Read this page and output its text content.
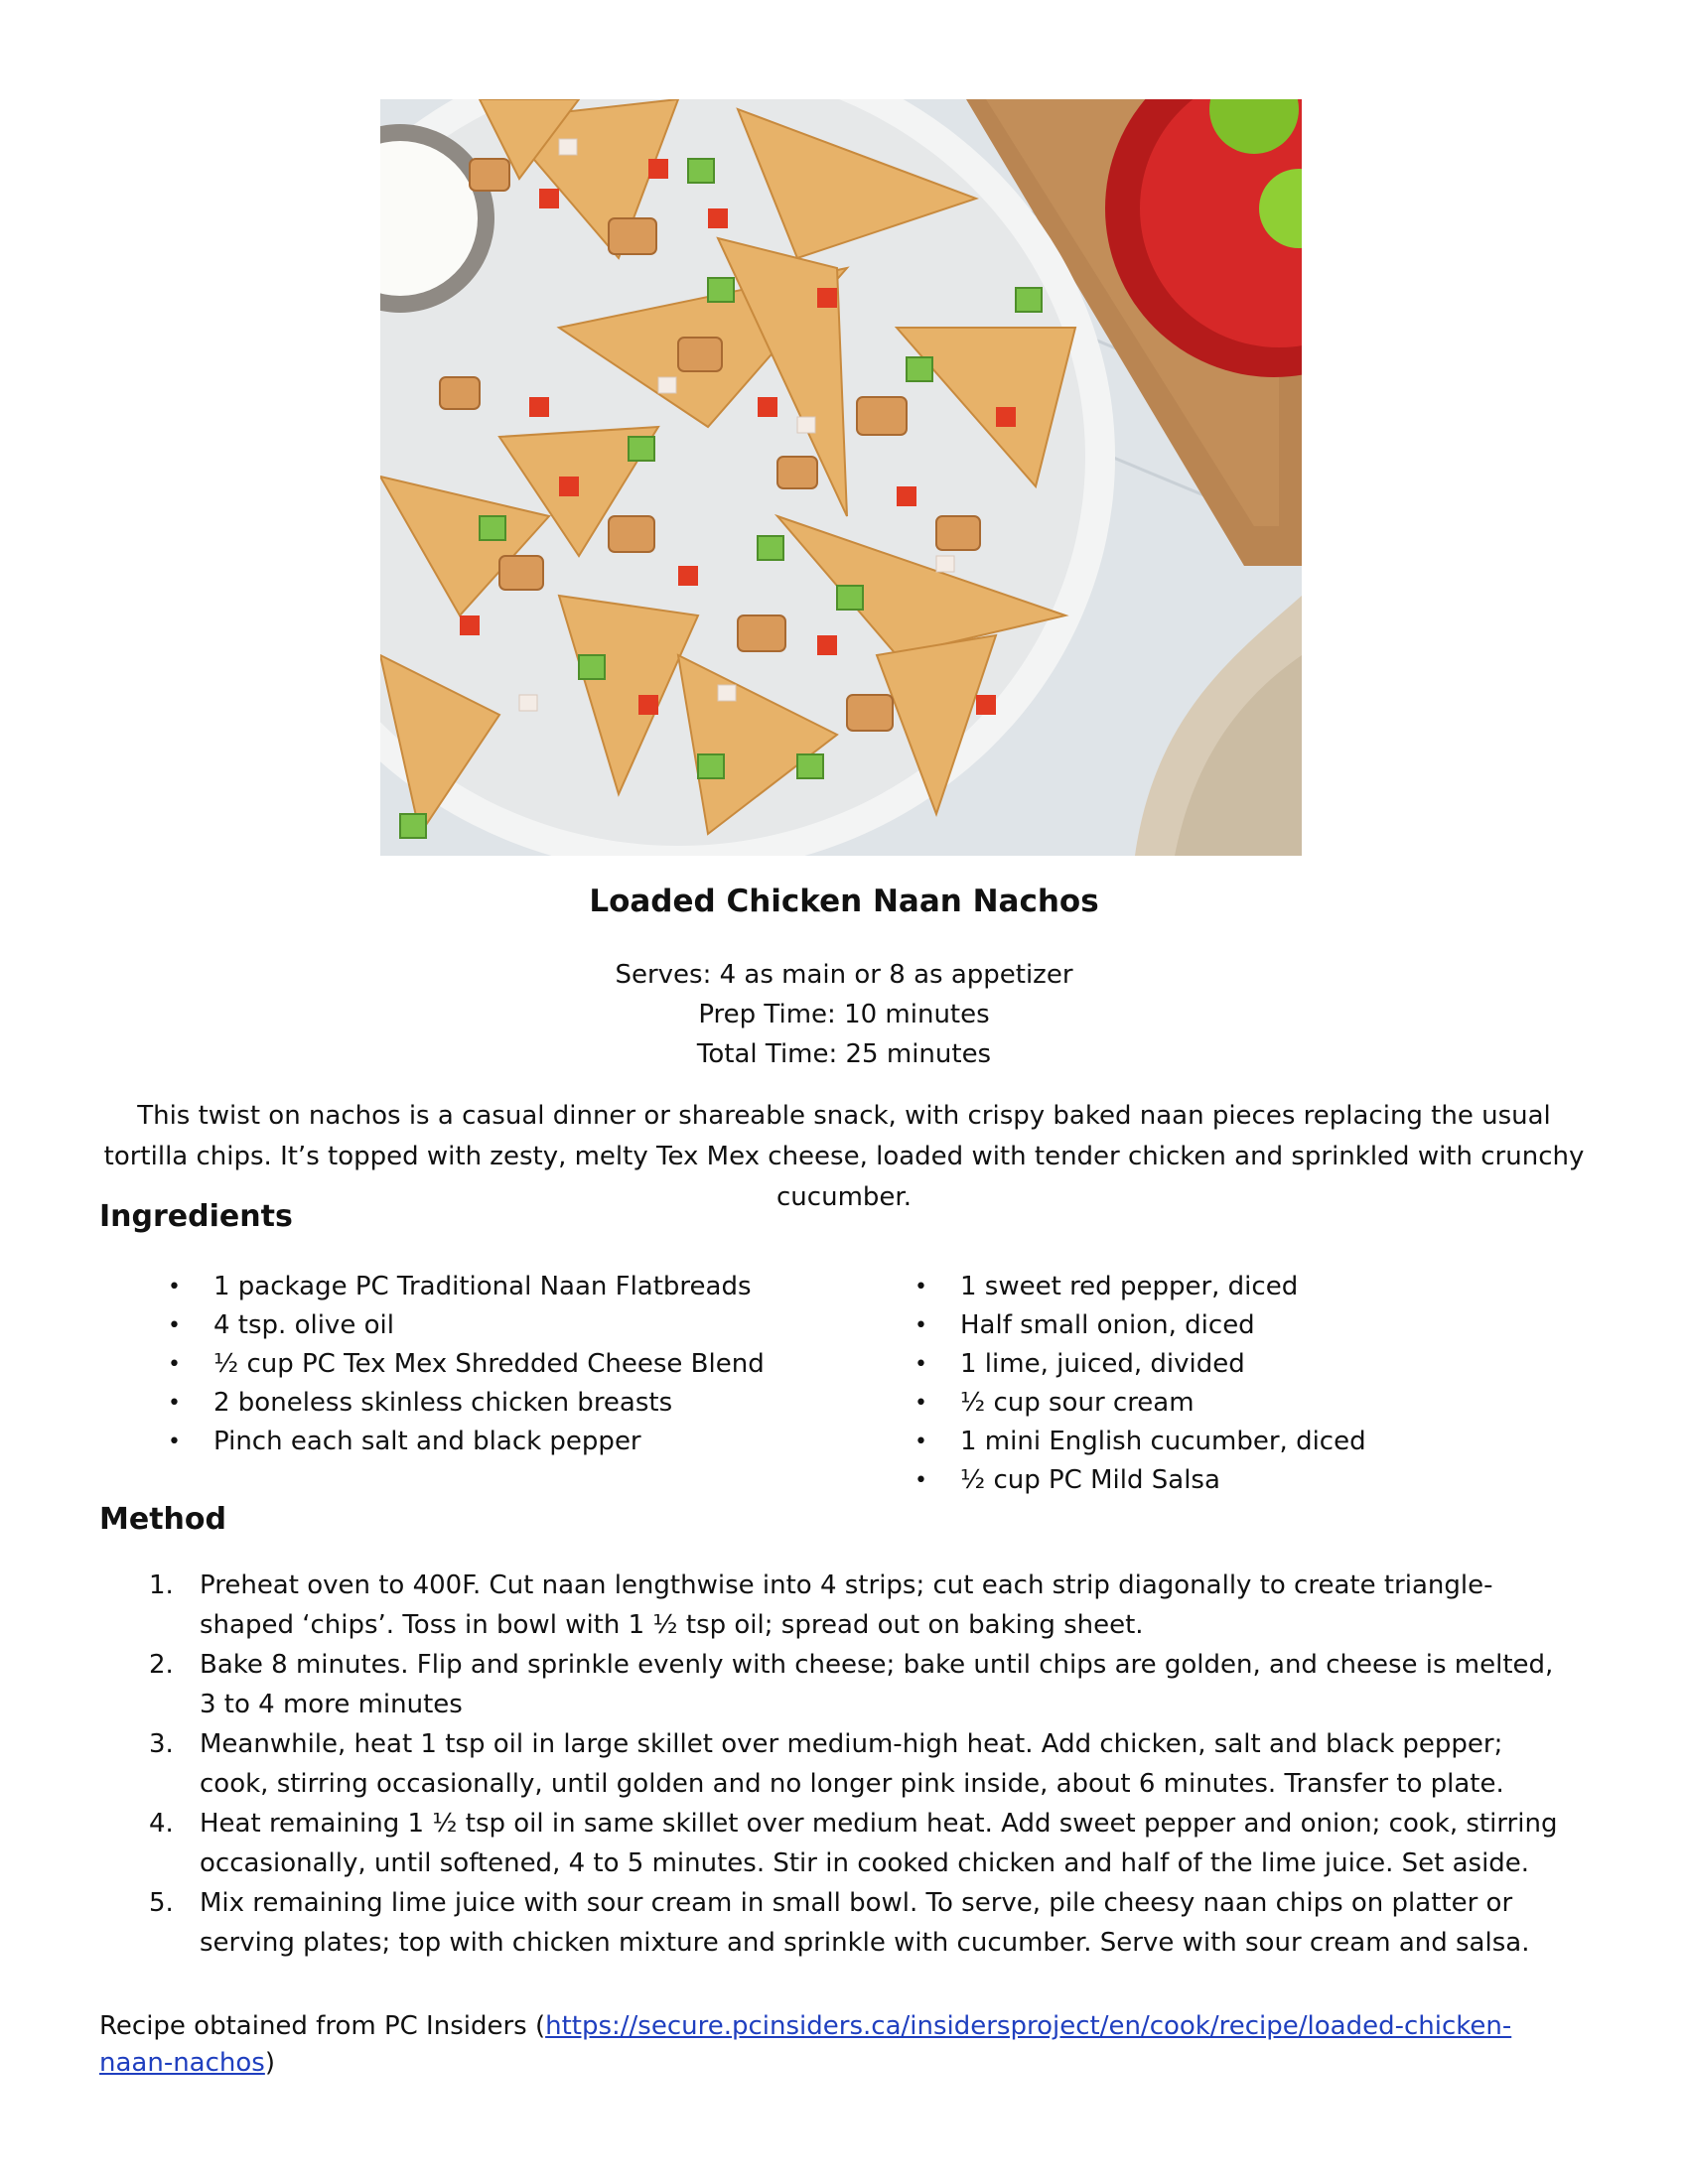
Loaded Chicken Naan Nachos
Serves: 4 as main or 8 as appetizer
Prep Time: 10 minutes
Total Time: 25 minutes

This twist on nachos is a casual dinner or shareable snack, with crispy baked naan pieces replacing the usual tortilla chips. It’s topped with zesty, melty Tex Mex cheese, loaded with tender chicken and sprinkled with crunchy cucumber.

Ingredients
• 1 package PC Traditional Naan Flatbreads
• 4 tsp. olive oil
• ½ cup PC Tex Mex Shredded Cheese Blend
• 2 boneless skinless chicken breasts
• Pinch each salt and black pepper
• 1 sweet red pepper, diced
• Half small onion, diced
• 1 lime, juiced, divided
• ½ cup sour cream
• 1 mini English cucumber, diced
• ½ cup PC Mild Salsa
Method
1. Preheat oven to 400F. Cut naan lengthwise into 4 strips; cut each strip diagonally to create triangle-shaped ‘chips’. Toss in bowl with 1 ½ tsp oil; spread out on baking sheet.
2. Bake 8 minutes. Flip and sprinkle evenly with cheese; bake until chips are golden, and cheese is melted, 3 to 4 more minutes
3. Meanwhile, heat 1 tsp oil in large skillet over medium-high heat. Add chicken, salt and black pepper; cook, stirring occasionally, until golden and no longer pink inside, about 6 minutes. Transfer to plate.
4. Heat remaining 1 ½ tsp oil in same skillet over medium heat. Add sweet pepper and onion; cook, stirring occasionally, until softened, 4 to 5 minutes. Stir in cooked chicken and half of the lime juice. Set aside.
5. Mix remaining lime juice with sour cream in small bowl. To serve, pile cheesy naan chips on platter or serving plates; top with chicken mixture and sprinkle with cucumber. Serve with sour cream and salsa.

Recipe obtained from PC Insiders (https://secure.pcinsiders.ca/insidersproject/en/cook/recipe/loaded-chicken-naan-nachos)
